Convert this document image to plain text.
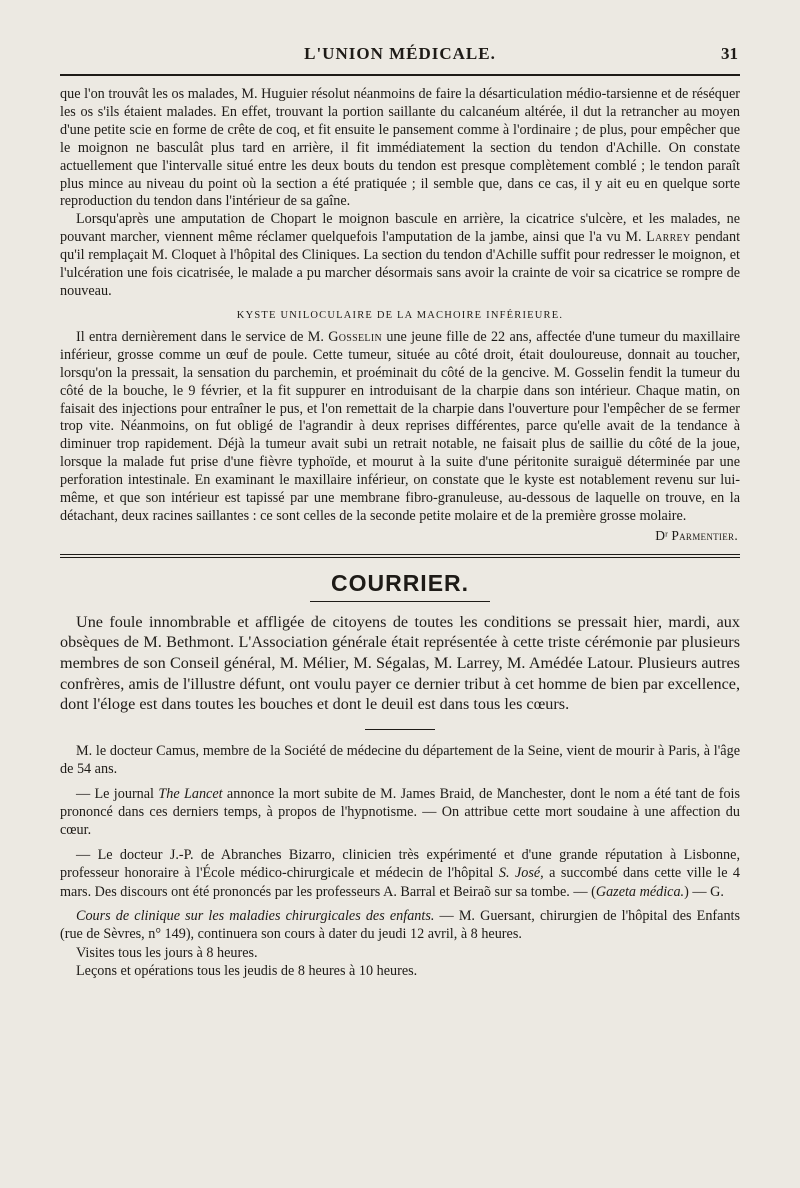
L'UNION MÉDICALE.	31

que l'on trouvât les os malades, M. Huguier résolut néanmoins de faire la désarticulation médio-tarsienne et de réséquer les os s'ils étaient malades. En effet, trouvant la portion saillante du calcanéum altérée, il dut la retrancher au moyen d'une petite scie en forme de crête de coq, et fit ensuite le pansement comme à l'ordinaire ; de plus, pour empêcher que le moignon ne basculât plus tard en arrière, il fit immédiatement la section du tendon d'Achille. On constate actuellement que l'intervalle situé entre les deux bouts du tendon est presque complètement comblé ; le tendon paraît plus mince au niveau du point où la section a été pratiquée ; il semble que, dans ce cas, il y ait eu en quelque sorte reproduction du tendon dans l'intérieur de sa gaîne.

Lorsqu'après une amputation de Chopart le moignon bascule en arrière, la cicatrice s'ulcère, et les malades, ne pouvant marcher, viennent même réclamer quelquefois l'amputation de la jambe, ainsi que l'a vu M. Larrey pendant qu'il remplaçait M. Cloquet à l'hôpital des Cliniques. La section du tendon d'Achille suffit pour redresser le moignon, et l'ulcération une fois cicatrisée, le malade a pu marcher désormais sans avoir la crainte de voir sa cicatrice se rompre de nouveau.

KYSTE UNILOCULAIRE DE LA MACHOIRE INFÉRIEURE.

Il entra dernièrement dans le service de M. Gosselin une jeune fille de 22 ans, affectée d'une tumeur du maxillaire inférieur, grosse comme un œuf de poule. Cette tumeur, située au côté droit, était douloureuse, donnait au toucher, lorsqu'on la pressait, la sensation du parchemin, et proéminait du côté de la gencive. M. Gosselin fendit la tumeur du côté de la bouche, le 9 février, et la fit suppurer en introduisant de la charpie dans son intérieur. Chaque matin, on faisait des injections pour entraîner le pus, et l'on remettait de la charpie dans l'ouverture pour l'empêcher de se fermer trop vite. Néanmoins, on fut obligé de l'agrandir à deux reprises différentes, parce qu'elle avait de la tendance à diminuer trop rapidement. Déjà la tumeur avait subi un retrait notable, ne faisait plus de saillie du côté de la joue, lorsque la malade fut prise d'une fièvre typhoïde, et mourut à la suite d'une péritonite suraiguë déterminée par une perforation intestinale. En examinant le maxillaire inférieur, on constate que le kyste est notablement revenu sur lui-même, et que son intérieur est tapissé par une membrane fibro-granuleuse, au-dessous de laquelle on trouve, en la détachant, deux racines saillantes : ce sont celles de la seconde petite molaire et de la première grosse molaire.

Dʳ Parmentier.
COURRIER.

Une foule innombrable et affligée de citoyens de toutes les conditions se pressait hier, mardi, aux obsèques de M. Bethmont. L'Association générale était représentée à cette triste cérémonie par plusieurs membres de son Conseil général, M. Mélier, M. Ségalas, M. Larrey, M. Amédée Latour. Plusieurs autres confrères, amis de l'illustre défunt, ont voulu payer ce dernier tribut à cet homme de bien par excellence, dont l'éloge est dans toutes les bouches et dont le deuil est dans tous les cœurs.

M. le docteur Camus, membre de la Société de médecine du département de la Seine, vient de mourir à Paris, à l'âge de 54 ans.

— Le journal The Lancet annonce la mort subite de M. James Braid, de Manchester, dont le nom a été tant de fois prononcé dans ces derniers temps, à propos de l'hypnotisme. — On attribue cette mort soudaine à une affection du cœur.

— Le docteur J.-P. de Abranches Bizarro, clinicien très expérimenté et d'une grande réputation à Lisbonne, professeur honoraire à l'École médico-chirurgicale et médecin de l'hôpital S. José, a succombé dans cette ville le 4 mars. Des discours ont été prononcés par les professeurs A. Barral et Beiraõ sur sa tombe. — (Gazeta médica.) — G.

Cours de clinique sur les maladies chirurgicales des enfants. — M. Guersant, chirurgien de l'hôpital des Enfants (rue de Sèvres, n° 149), continuera son cours à dater du jeudi 12 avril, à 8 heures.

Visites tous les jours à 8 heures.

Leçons et opérations tous les jeudis de 8 heures à 10 heures.
